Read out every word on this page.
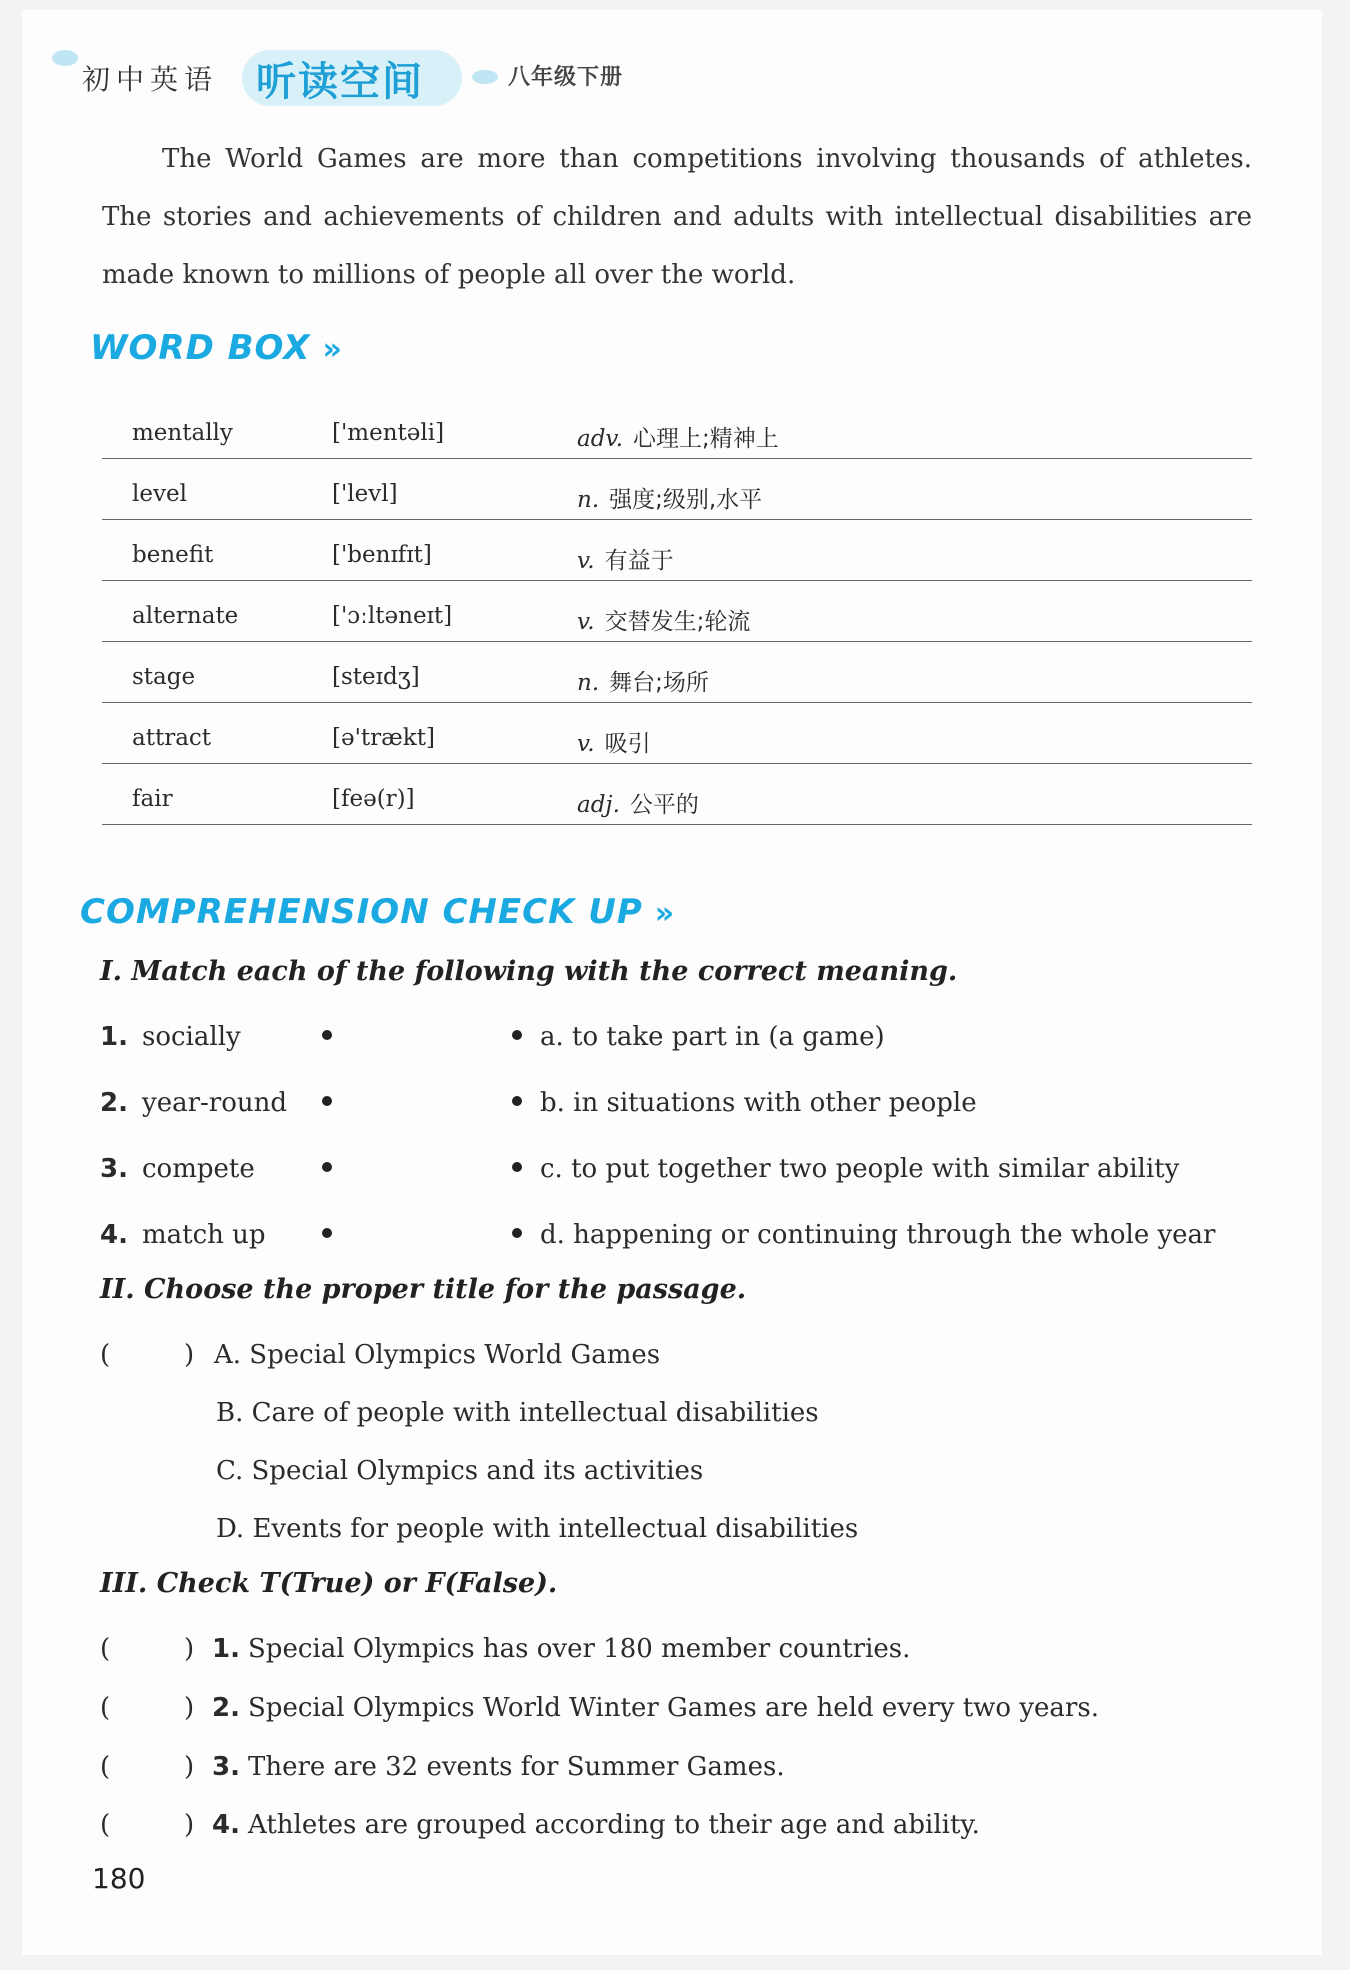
初中英语 听读空间	八年级下册
The World Games are more than competitions involving thousands of athletes. The stories and achievements of children and adults with intellectual disabilities are made known to millions of people all over the world.
WORD BOX »
mentally	['mentəli]	adv. 心理上;精神上
level	['levl]	n. 强度;级别,水平
benefit	['benɪfɪt]	v. 有益于
alternate	['ɔːltəneɪt]	v. 交替发生;轮流
stage	[steɪdʒ]	n. 舞台;场所
attract	[ə'trækt]	v. 吸引
fair	[feə(r)]	adj. 公平的
COMPREHENSION CHECK UP »
I. Match each of the following with the correct meaning.
1. socially	a. to take part in (a game)
2. year-round	b. in situations with other people
3. compete	c. to put together two people with similar ability
4. match up	d. happening or continuing through the whole year
II. Choose the proper title for the passage.
(	) A. Special Olympics World Games
B. Care of people with intellectual disabilities
C. Special Olympics and its activities
D. Events for people with intellectual disabilities
III. Check T(True) or F(False).
(	) 1. Special Olympics has over 180 member countries.
(	) 2. Special Olympics World Winter Games are held every two years.
(	) 3. There are 32 events for Summer Games.
(	) 4. Athletes are grouped according to their age and ability.
180
